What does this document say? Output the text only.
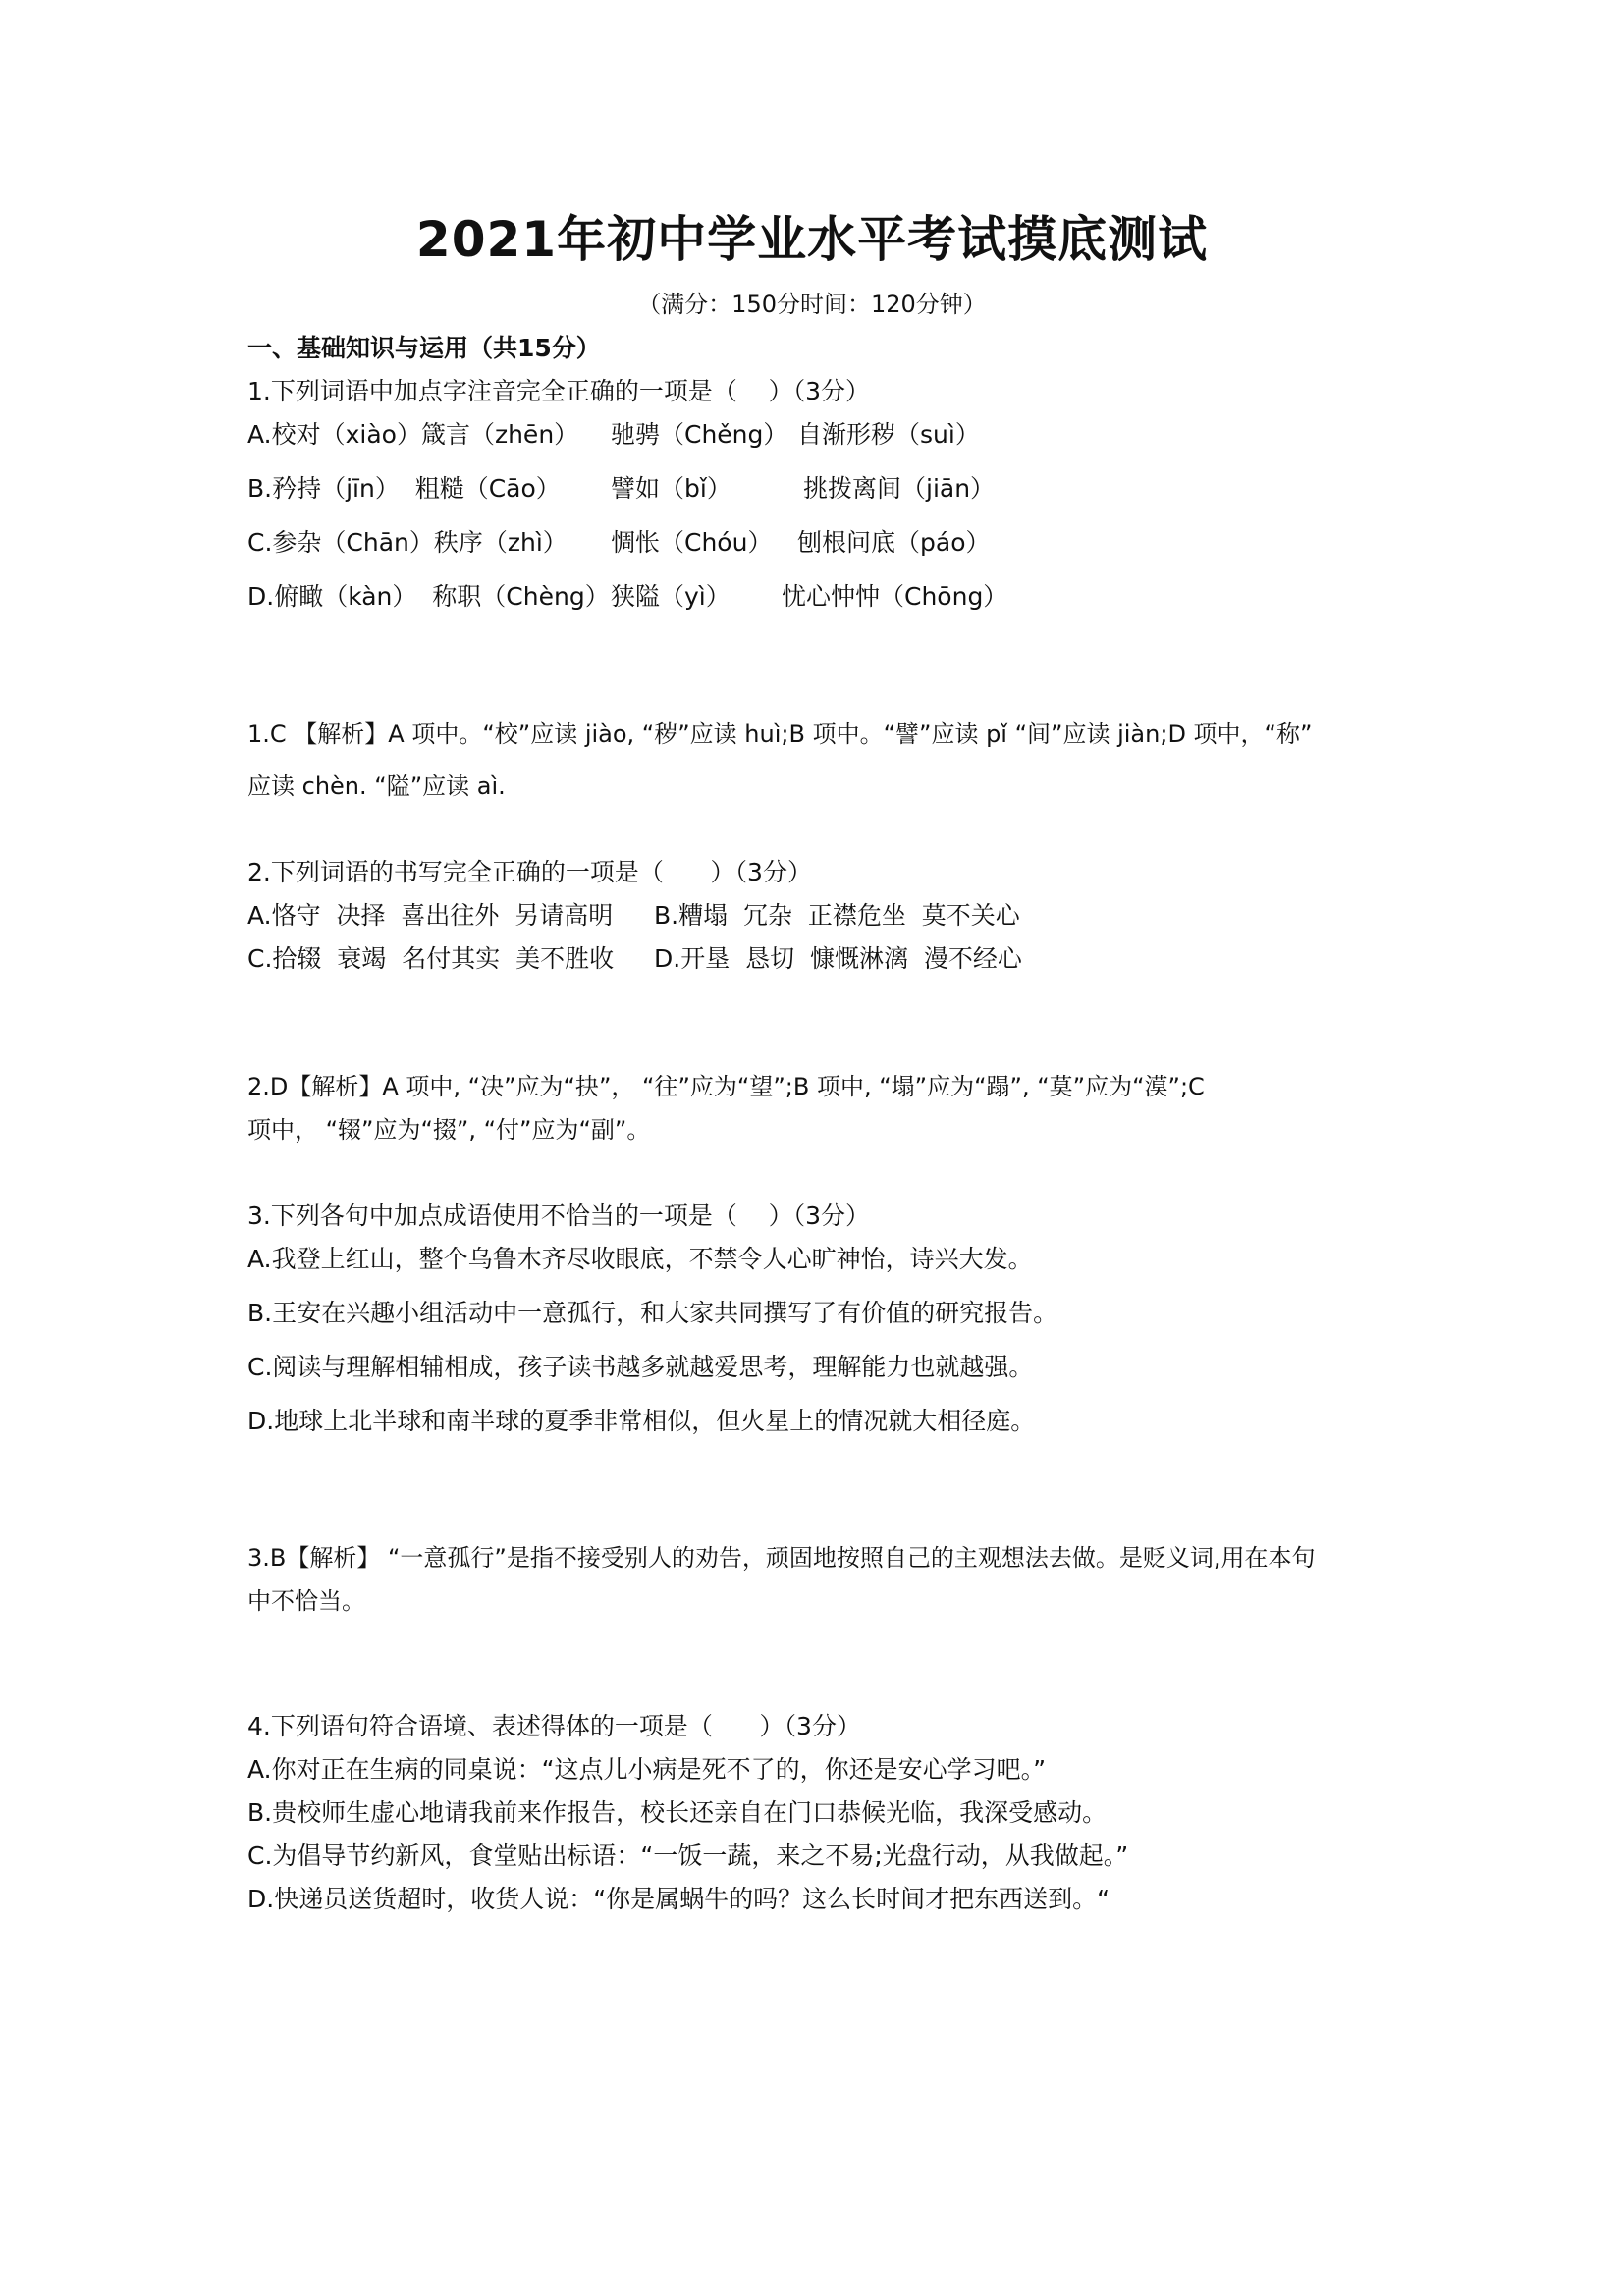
2021年初中学业水平考试摸底测试
（满分：150分时间：120分钟）
一、基础知识与运用（共15分）
1.下列词语中加点字注音完全正确的一项是（    ）（3分）
A.校对（xiào）箴言（zhēn） 驰骋（Chěng） 自渐形秽（suì）
B.矜持（jīn）  粗糙（Cāo） 譬如（bǐ）	挑拨离间（jiān）
C.参杂（Chān）秩序（zhì） 惆怅（Chóu） 刨根问底（páo）
D.俯瞰（kàn）  称职（Chèng） 狭隘（yì） 忧心忡忡（Chōng）
1.C 【解析】A 项中。“校”应读 jiào, “秽”应读 huì;B 项中。“譬”应读 pǐ “间”应读 jiàn;D 项中，“称”
应读 chèn. “隘”应读 aì.
2.下列词语的书写完全正确的一项是（      ）（3分）
A.恪守  决择  喜出往外  另请高明 B.糟塌  冗杂  正襟危坐  莫不关心
C.拾辍  衰竭  名付其实  美不胜收 D.开垦  恳切  慷慨淋漓  漫不经心
2.D【解析】A 项中, “决”应为“抉”， “往”应为“望”;B 项中, “塌”应为“蹋”, “莫”应为“漠”;C
项中， “辍”应为“掇”, “付”应为“副”。
3.下列各句中加点成语使用不恰当的一项是（    ）（3分）
A.我登上红山，整个乌鲁木齐尽收眼底，不禁令人心旷神怡，诗兴大发。
B.王安在兴趣小组活动中一意孤行，和大家共同撰写了有价值的研究报告。
C.阅读与理解相辅相成，孩子读书越多就越爱思考，理解能力也就越强。
D.地球上北半球和南半球的夏季非常相似，但火星上的情况就大相径庭。
3.B【解析】 “一意孤行”是指不接受别人的劝告，顽固地按照自己的主观想法去做。是贬义词,用在本句
中不恰当。
4.下列语句符合语境、表述得体的一项是（      ）（3分）
A.你对正在生病的同桌说：“这点儿小病是死不了的，你还是安心学习吧。”
B.贵校师生虚心地请我前来作报告，校长还亲自在门口恭候光临，我深受感动。
C.为倡导节约新风，食堂贴出标语：“一饭一蔬，来之不易;光盘行动，从我做起。”
D.快递员送货超时，收货人说：“你是属蜗牛的吗？这么长时间才把东西送到。“
